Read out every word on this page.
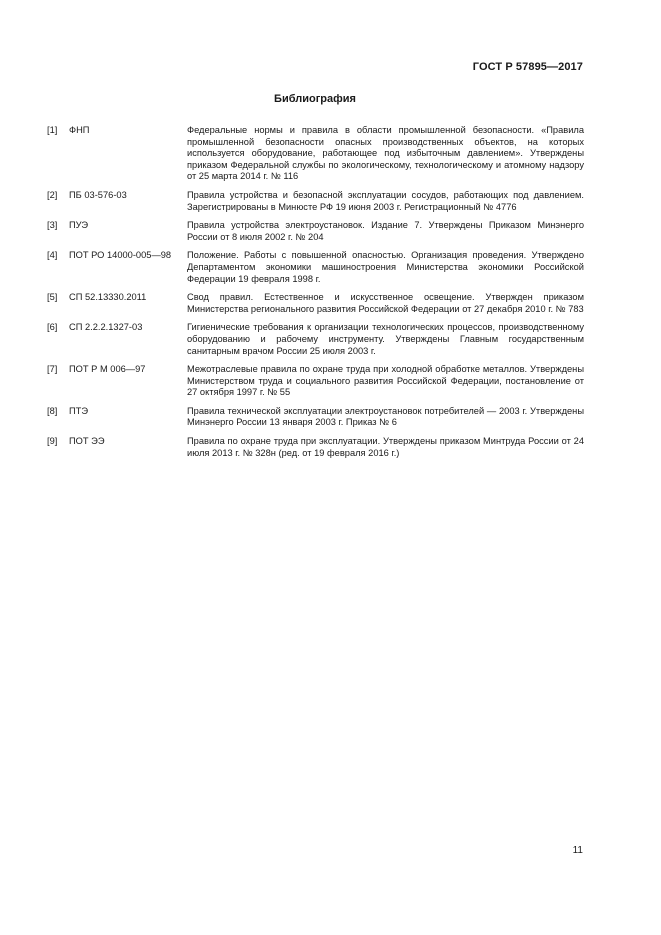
ГОСТ Р 57895—2017
Библиография
[1]	ФНП	Федеральные нормы и правила в области промышленной безопасности. «Правила промышленной безопасности опасных производственных объектов, на которых используется оборудование, работающее под избыточным давлением». Утверждены приказом Федеральной службы по экологическому, технологическому и атомному надзору от 25 марта 2014 г. № 116
[2]	ПБ 03-576-03	Правила устройства и безопасной эксплуатации сосудов, работающих под давлением. Зарегистрированы в Минюсте РФ 19 июня 2003 г. Регистрационный № 4776
[3]	ПУЭ	Правила устройства электроустановок. Издание 7. Утверждены Приказом Минэнерго России от 8 июля 2002 г. № 204
[4]	ПОТ РО 14000-005—98	Положение. Работы с повышенной опасностью. Организация проведения. Утверждено Департаментом экономики машиностроения Министерства экономики Российской Федерации 19 февраля 1998 г.
[5]	СП 52.13330.2011	Свод правил. Естественное и искусственное освещение. Утвержден приказом Министерства регионального развития Российской Федерации от 27 декабря 2010 г. № 783
[6]	СП 2.2.2.1327-03	Гигиенические требования к организации технологических процессов, производственному оборудованию и рабочему инструменту. Утверждены Главным государственным санитарным врачом России 25 июля 2003 г.
[7]	ПОТ Р М 006—97	Межотраслевые правила по охране труда при холодной обработке металлов. Утверждены Министерством труда и социального развития Российской Федерации, постановление от 27 октября 1997 г. № 55
[8]	ПТЭ	Правила технической эксплуатации электроустановок потребителей — 2003 г. Утверждены Минэнерго России 13 января 2003 г. Приказ № 6
[9]	ПОТ ЭЭ	Правила по охране труда при эксплуатации. Утверждены приказом Минтруда России от 24 июля 2013 г. № 328н (ред. от 19 февраля 2016 г.)
11
